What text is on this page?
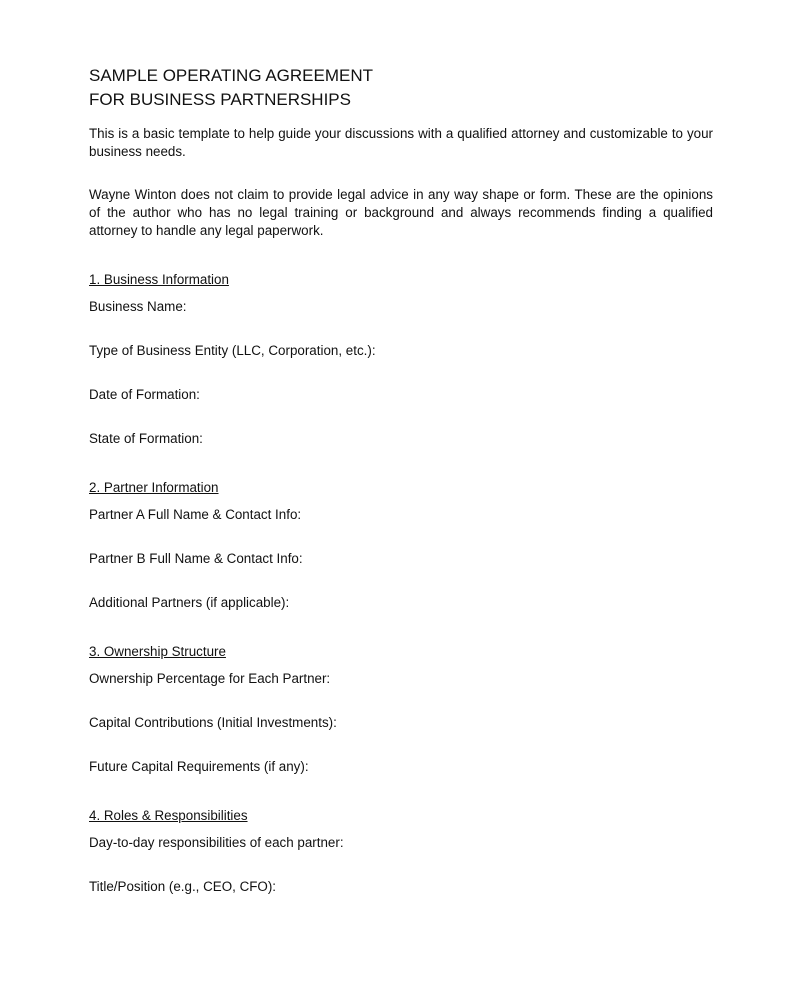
SAMPLE OPERATING AGREEMENT
FOR BUSINESS PARTNERSHIPS

This is a basic template to help guide your discussions with a qualified attorney and customizable to your business needs.

Wayne Winton does not claim to provide legal advice in any way shape or form. These are the opinions of the author who has no legal training or background and always recommends finding a qualified attorney to handle any legal paperwork.

1. Business Information

Business Name:

Type of Business Entity (LLC, Corporation, etc.):

Date of Formation:

State of Formation:

2. Partner Information

Partner A Full Name & Contact Info:

Partner B Full Name & Contact Info:

Additional Partners (if applicable):

3. Ownership Structure

Ownership Percentage for Each Partner:

Capital Contributions (Initial Investments):

Future Capital Requirements (if any):

4. Roles & Responsibilities

Day-to-day responsibilities of each partner:

Title/Position (e.g., CEO, CFO):
